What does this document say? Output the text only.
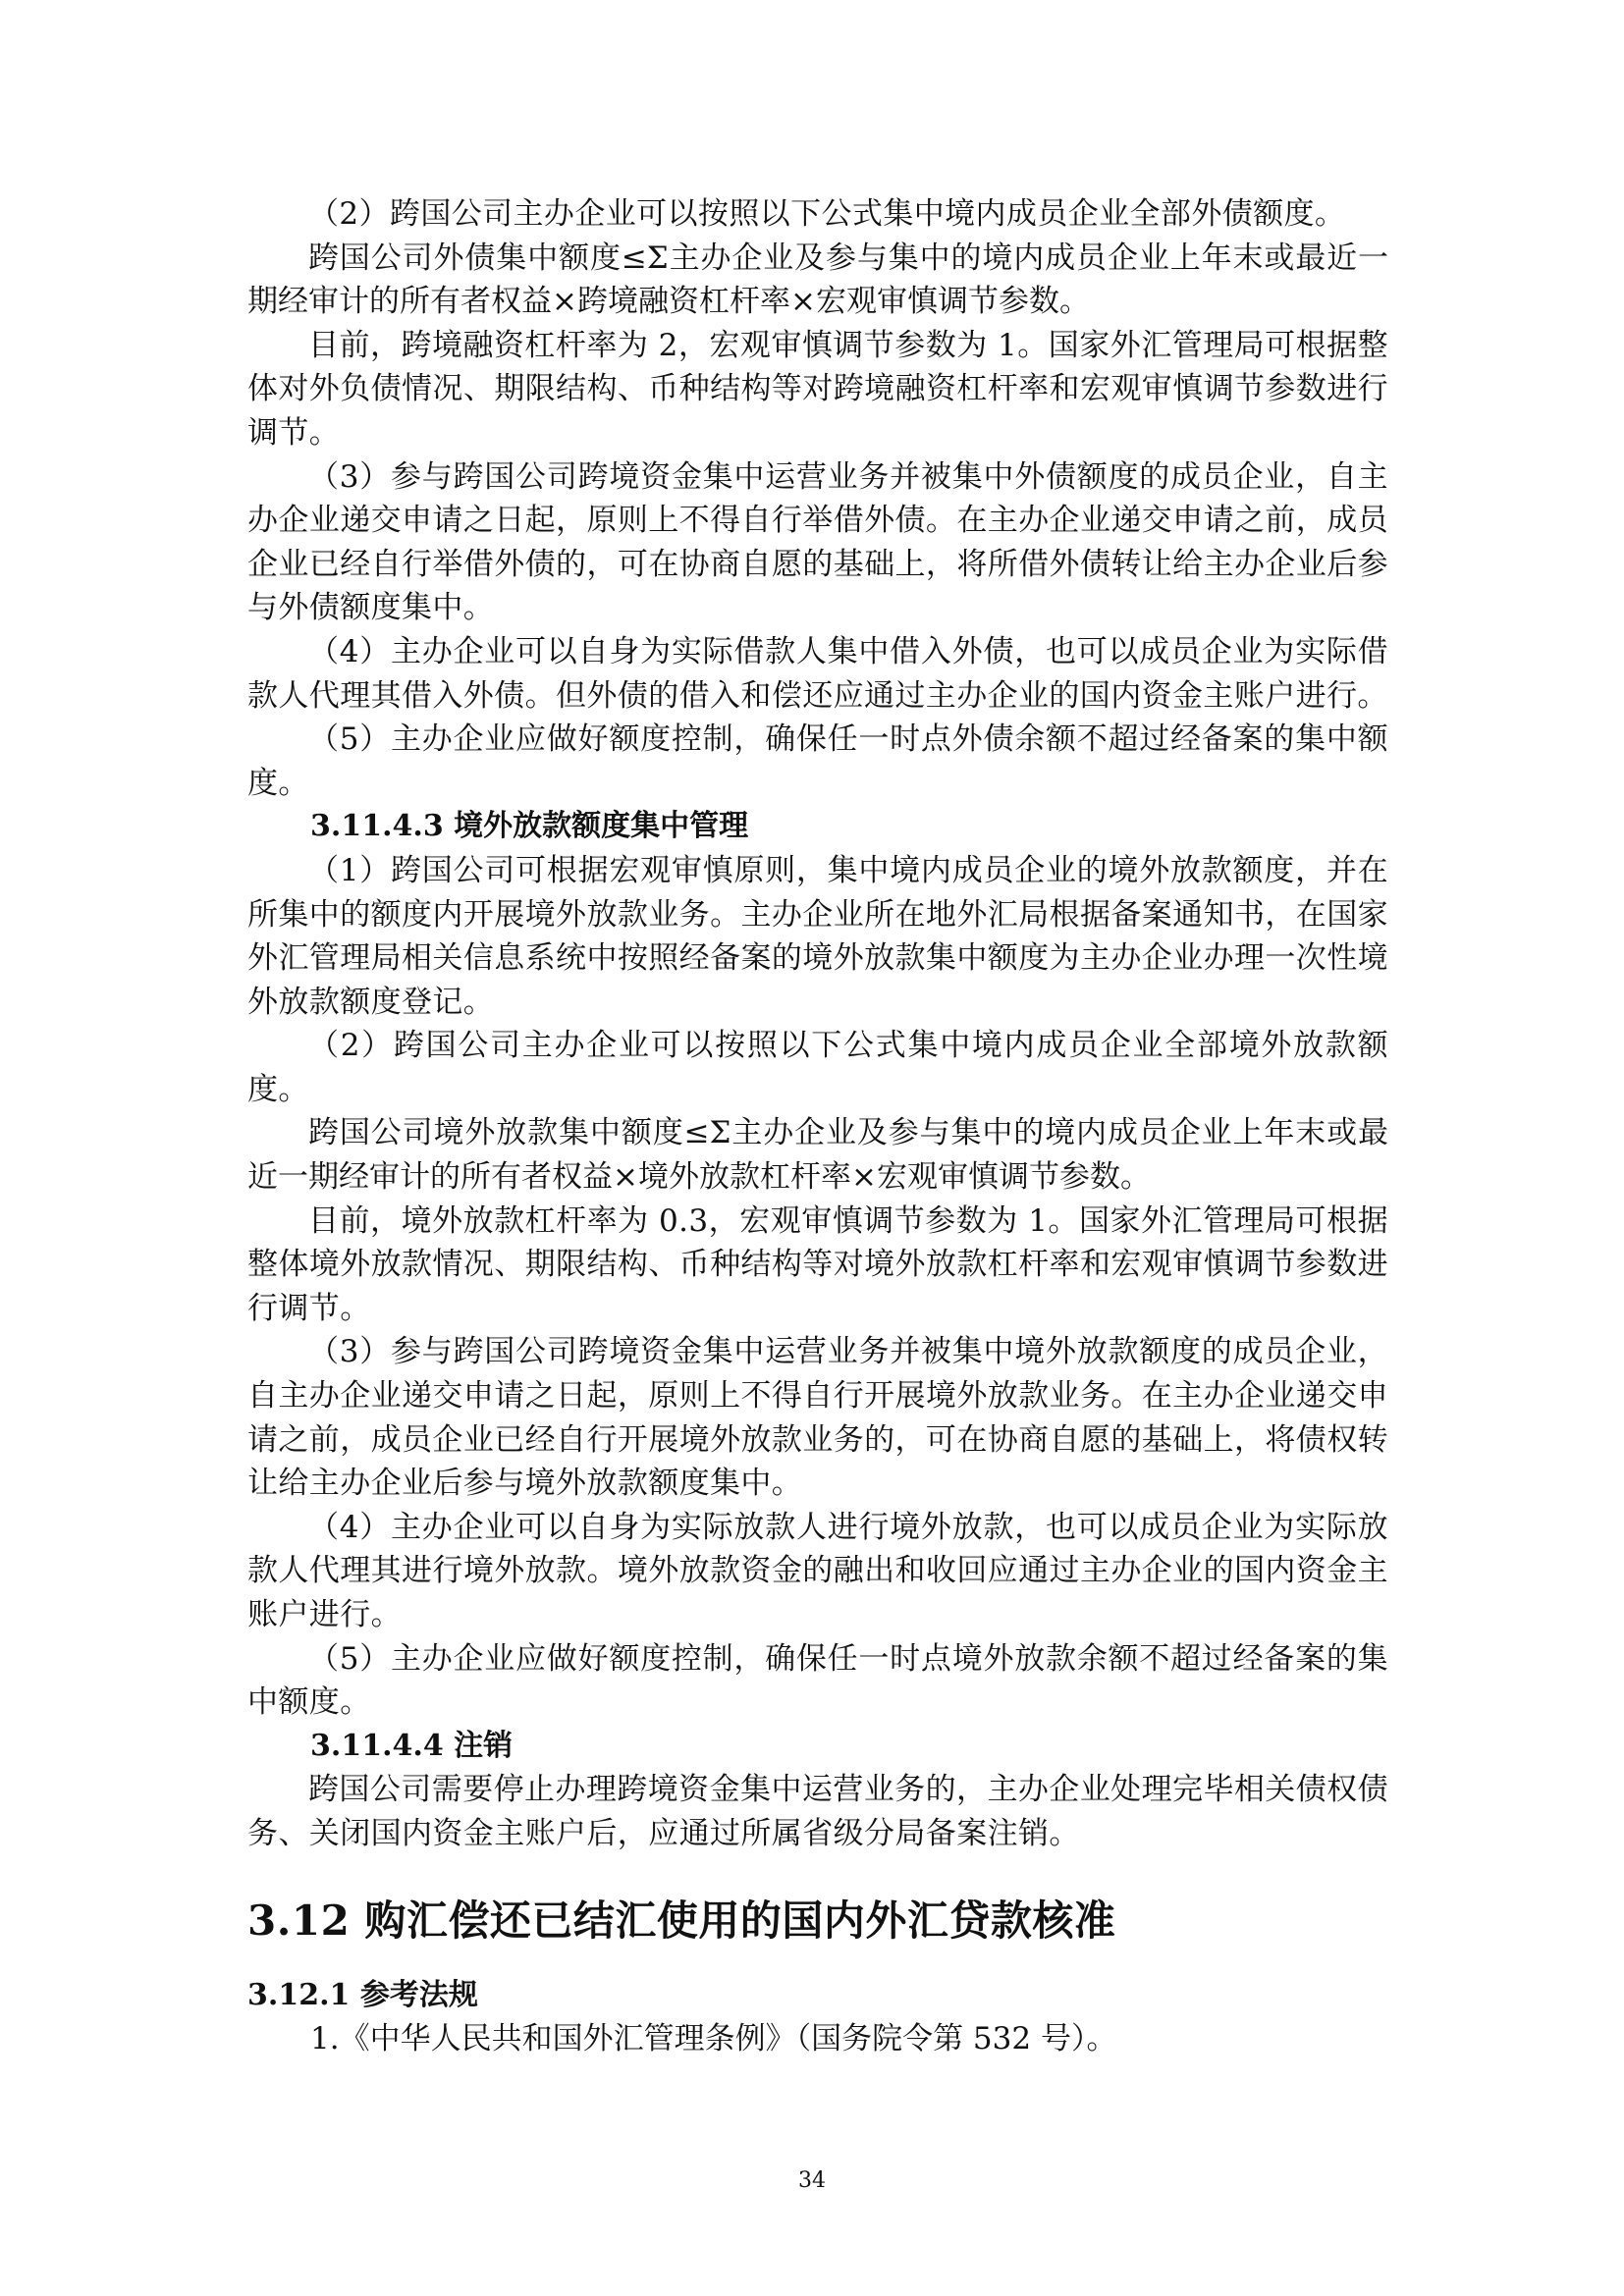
（2）跨国公司主办企业可以按照以下公式集中境内成员企业全部外债额度。

跨国公司外债集中额度≤Σ主办企业及参与集中的境内成员企业上年末或最近一期经审计的所有者权益×跨境融资杠杆率×宏观审慎调节参数。

目前，跨境融资杠杆率为 2，宏观审慎调节参数为 1。国家外汇管理局可根据整体对外负债情况、期限结构、币种结构等对跨境融资杠杆率和宏观审慎调节参数进行调节。

（3）参与跨国公司跨境资金集中运营业务并被集中外债额度的成员企业，自主办企业递交申请之日起，原则上不得自行举借外债。在主办企业递交申请之前，成员企业已经自行举借外债的，可在协商自愿的基础上，将所借外债转让给主办企业后参与外债额度集中。

（4）主办企业可以自身为实际借款人集中借入外债，也可以成员企业为实际借款人代理其借入外债。但外债的借入和偿还应通过主办企业的国内资金主账户进行。

（5）主办企业应做好额度控制，确保任一时点外债余额不超过经备案的集中额度。

3.11.4.3 境外放款额度集中管理

（1）跨国公司可根据宏观审慎原则，集中境内成员企业的境外放款额度，并在所集中的额度内开展境外放款业务。主办企业所在地外汇局根据备案通知书，在国家外汇管理局相关信息系统中按照经备案的境外放款集中额度为主办企业办理一次性境外放款额度登记。

（2）跨国公司主办企业可以按照以下公式集中境内成员企业全部境外放款额度。

跨国公司境外放款集中额度≤Σ主办企业及参与集中的境内成员企业上年末或最近一期经审计的所有者权益×境外放款杠杆率×宏观审慎调节参数。

目前，境外放款杠杆率为 0.3，宏观审慎调节参数为 1。国家外汇管理局可根据整体境外放款情况、期限结构、币种结构等对境外放款杠杆率和宏观审慎调节参数进行调节。

（3）参与跨国公司跨境资金集中运营业务并被集中境外放款额度的成员企业，自主办企业递交申请之日起，原则上不得自行开展境外放款业务。在主办企业递交申请之前，成员企业已经自行开展境外放款业务的，可在协商自愿的基础上，将债权转让给主办企业后参与境外放款额度集中。

（4）主办企业可以自身为实际放款人进行境外放款，也可以成员企业为实际放款人代理其进行境外放款。境外放款资金的融出和收回应通过主办企业的国内资金主账户进行。

（5）主办企业应做好额度控制，确保任一时点境外放款余额不超过经备案的集中额度。

3.11.4.4 注销

跨国公司需要停止办理跨境资金集中运营业务的，主办企业处理完毕相关债权债务、关闭国内资金主账户后，应通过所属省级分局备案注销。

3.12 购汇偿还已结汇使用的国内外汇贷款核准

3.12.1 参考法规

1.《中华人民共和国外汇管理条例》（国务院令第 532 号）。

34
